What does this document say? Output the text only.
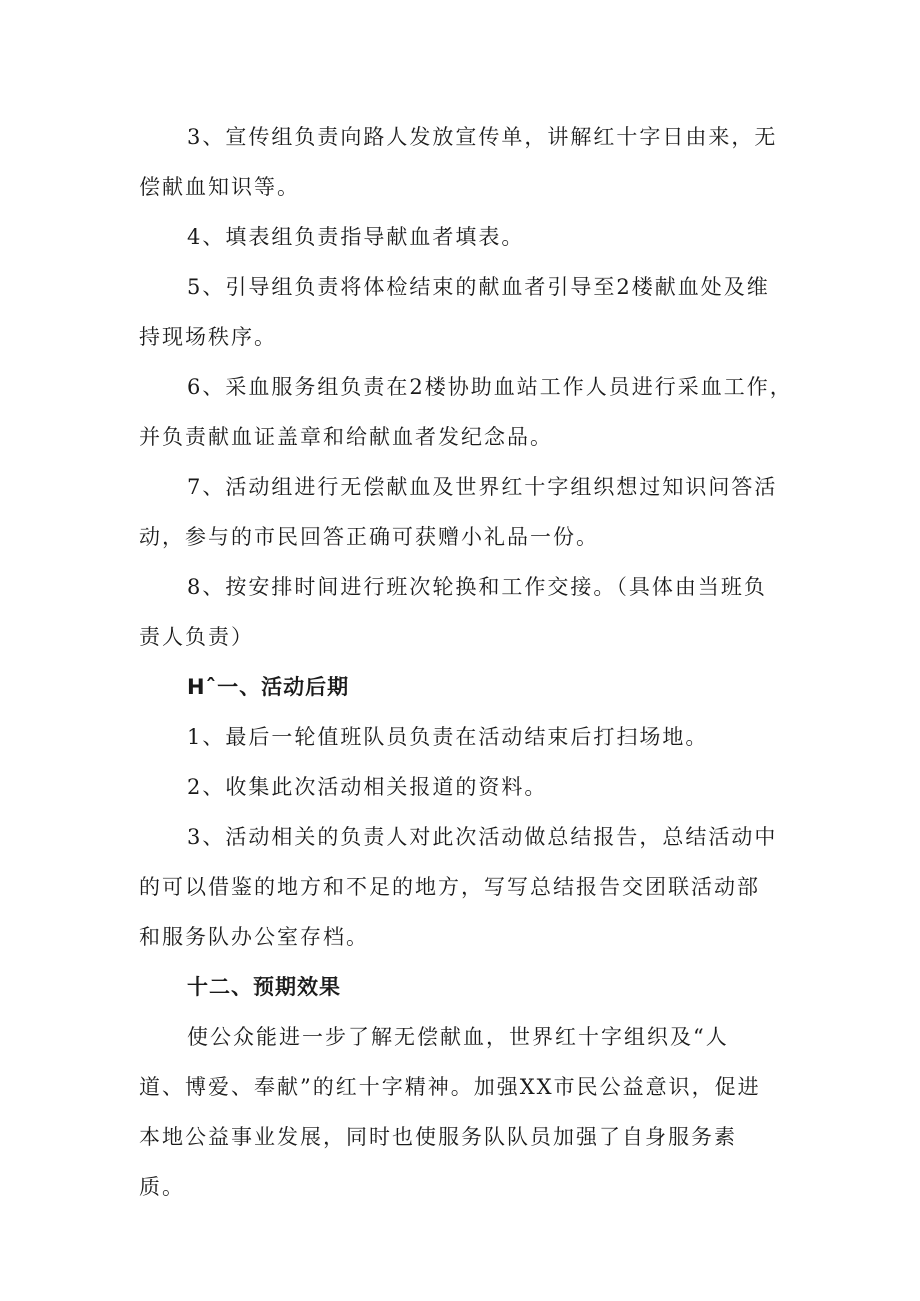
3、宣传组负责向路人发放宣传单，讲解红十字日由来，无
偿献血知识等。

4、填表组负责指导献血者填表。

5、引导组负责将体检结束的献血者引导至2楼献血处及维
持现场秩序。

6、采血服务组负责在2楼协助血站工作人员进行采血工作，
并负责献血证盖章和给献血者发纪念品。

7、活动组进行无偿献血及世界红十字组织想过知识问答活
动，参与的市民回答正确可获赠小礼品一份。

8、按安排时间进行班次轮换和工作交接。（具体由当班负
责人负责）

Hˆ一、活动后期

1、最后一轮值班队员负责在活动结束后打扫场地。

2、收集此次活动相关报道的资料。

3、活动相关的负责人对此次活动做总结报告，总结活动中
的可以借鉴的地方和不足的地方，写写总结报告交团联活动部
和服务队办公室存档。

十二、预期效果

使公众能进一步了解无偿献血，世界红十字组织及“人
道、博爱、奉献”的红十字精神。加强XX市民公益意识，促进
本地公益事业发展，同时也使服务队队员加强了自身服务素
质。
